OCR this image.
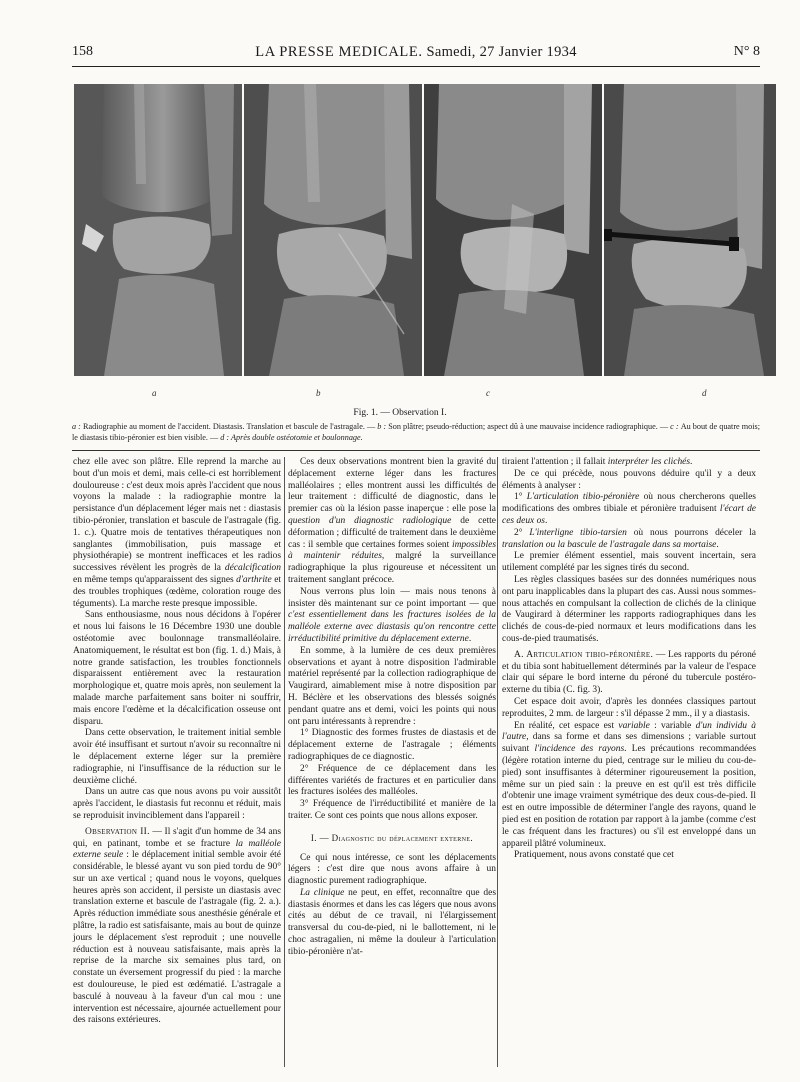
158	LA PRESSE MEDICALE. Samedi, 27 Janvier 1934	N° 8
a	b	c	d
Fig. 1. — Observation I.
a : Radiographie au moment de l'accident. Diastasis. Translation et bascule de l'astragale. — b : Son plâtre; pseudo-réduction; aspect dû à une mauvaise incidence radiographique. — c : Au bout de quatre mois; le diastasis tibio-péronier est bien visible. — d : Après double ostéotomie et boulonnage.

chez elle avec son plâtre. Elle reprend la marche au bout d'un mois et demi, mais celle-ci est horriblement douloureuse : c'est deux mois après l'accident que nous voyons la malade : la radiographie montre la persistance d'un déplacement léger mais net : diastasis tibio-péronier, translation et bascule de l'astragale (fig. 1. c.). Quatre mois de tentatives thérapeutiques non sanglantes (immobilisation, puis massage et physiothérapie) se montrent inefficaces et les radios successives révèlent les progrès de la décalcification en même temps qu'apparaissent des signes d'arthrite et des troubles trophiques (œdème, coloration rouge des téguments). La marche reste presque impossible.

Sans enthousiasme, nous nous décidons à l'opérer et nous lui faisons le 16 Décembre 1930 une double ostéotomie avec boulonnage transmalléolaire. Anatomiquement, le résultat est bon (fig. 1. d.) Mais, à notre grande satisfaction, les troubles fonctionnels disparaissent entièrement avec la restauration morphologique et, quatre mois après, non seulement la malade marche parfaitement sans boiter ni souffrir, mais encore l'œdème et la décalcification osseuse ont disparu.

Dans cette observation, le traitement initial semble avoir été insuffisant et surtout n'avoir su reconnaître ni le déplacement externe léger sur la première radiographie, ni l'insuffisance de la réduction sur le deuxième cliché.

Dans un autre cas que nous avons pu voir aussitôt après l'accident, le diastasis fut reconnu et réduit, mais se reproduisit invinciblement dans l'appareil :

Observation II. — Il s'agit d'un homme de 34 ans qui, en patinant, tombe et se fracture la malléole externe seule : le déplacement initial semble avoir été considérable, le blessé ayant vu son pied tordu de 90° sur un axe vertical ; quand nous le voyons, quelques heures après son accident, il persiste un diastasis avec translation externe et bascule de l'astragale (fig. 2. a.). Après réduction immédiate sous anesthésie générale et plâtre, la radio est satisfaisante, mais au bout de quinze jours le déplacement s'est reproduit ; une nouvelle réduction est à nouveau satisfaisante, mais après la reprise de la marche six semaines plus tard, on constate un éversement progressif du pied : la marche est douloureuse, le pied est œdématié. L'astragale a basculé à nouveau à la faveur d'un cal mou : une intervention est nécessaire, ajournée actuellement pour des raisons extérieures.

Ces deux observations montrent bien la gravité du déplacement externe léger dans les fractures malléolaires ; elles montrent aussi les difficultés de leur traitement : difficulté de diagnostic, dans le premier cas où la lésion passe inaperçue : elle pose la question d'un diagnostic radiologique de cette déformation ; difficulté de traitement dans le deuxième cas : il semble que certaines formes soient impossibles à maintenir réduites, malgré la surveillance radiographique la plus rigoureuse et nécessitent un traitement sanglant précoce.

Nous verrons plus loin — mais nous tenons à insister dès maintenant sur ce point important — que c'est essentiellement dans les fractures isolées de la malléole externe avec diastasis qu'on rencontre cette irréductibilité primitive du déplacement externe.

En somme, à la lumière de ces deux premières observations et ayant à notre disposition l'admirable matériel représenté par la collection radiographique de Vaugirard, aimablement mise à notre disposition par H. Béclère et les observations des blessés soignés pendant quatre ans et demi, voici les points qui nous ont paru intéressants à reprendre :

1° Diagnostic des formes frustes de diastasis et de déplacement externe de l'astragale ; éléments radiographiques de ce diagnostic.

2° Fréquence de ce déplacement dans les différentes variétés de fractures et en particulier dans les fractures isolées des malléoles.

3° Fréquence de l'irréductibilité et manière de la traiter. Ce sont ces points que nous allons exposer.

I. — Diagnostic du déplacement externe.

Ce qui nous intéresse, ce sont les déplacements légers : c'est dire que nous avons affaire à un diagnostic purement radiographique.

La clinique ne peut, en effet, reconnaître que des diastasis énormes et dans les cas légers que nous avons cités au début de ce travail, ni l'élargissement transversal du cou-de-pied, ni le ballottement, ni le choc astragalien, ni même la douleur à l'articulation tibio-péronière n'at-

tiraient l'attention ; il fallait interpréter les clichés.

De ce qui précède, nous pouvons déduire qu'il y a deux éléments à analyser :

1° L'articulation tibio-péronière où nous chercherons quelles modifications des ombres tibiale et péronière traduisent l'écart de ces deux os.

2° L'interligne tibio-tarsien où nous pourrons déceler la translation ou la bascule de l'astragale dans sa mortaise.

Le premier élément essentiel, mais souvent incertain, sera utilement complété par les signes tirés du second.

Les règles classiques basées sur des données numériques nous ont paru inapplicables dans la plupart des cas. Aussi nous sommes-nous attachés en compulsant la collection de clichés de la clinique de Vaugirard à déterminer les rapports radiographiques dans les clichés de cous-de-pied normaux et leurs modifications dans les cous-de-pied traumatisés.

A. Articulation tibio-péronière. — Les rapports du péroné et du tibia sont habituellement déterminés par la valeur de l'espace clair qui sépare le bord interne du péroné du tubercule postéro-externe du tibia (C. fig. 3).

Cet espace doit avoir, d'après les données classiques partout reproduites, 2 mm. de largeur : s'il dépasse 2 mm., il y a diastasis.

En réalité, cet espace est variable : variable d'un individu à l'autre, dans sa forme et dans ses dimensions ; variable surtout suivant l'incidence des rayons. Les précautions recommandées (légère rotation interne du pied, centrage sur le milieu du cou-de-pied) sont insuffisantes à déterminer rigoureusement la position, même sur un pied sain : la preuve en est qu'il est très difficile d'obtenir une image vraiment symétrique des deux cous-de-pied. Il est en outre impossible de déterminer l'angle des rayons, quand le pied est en position de rotation par rapport à la jambe (comme c'est le cas fréquent dans les fractures) ou s'il est enveloppé dans un appareil plâtré volumineux.

Pratiquement, nous avons constaté que cet
